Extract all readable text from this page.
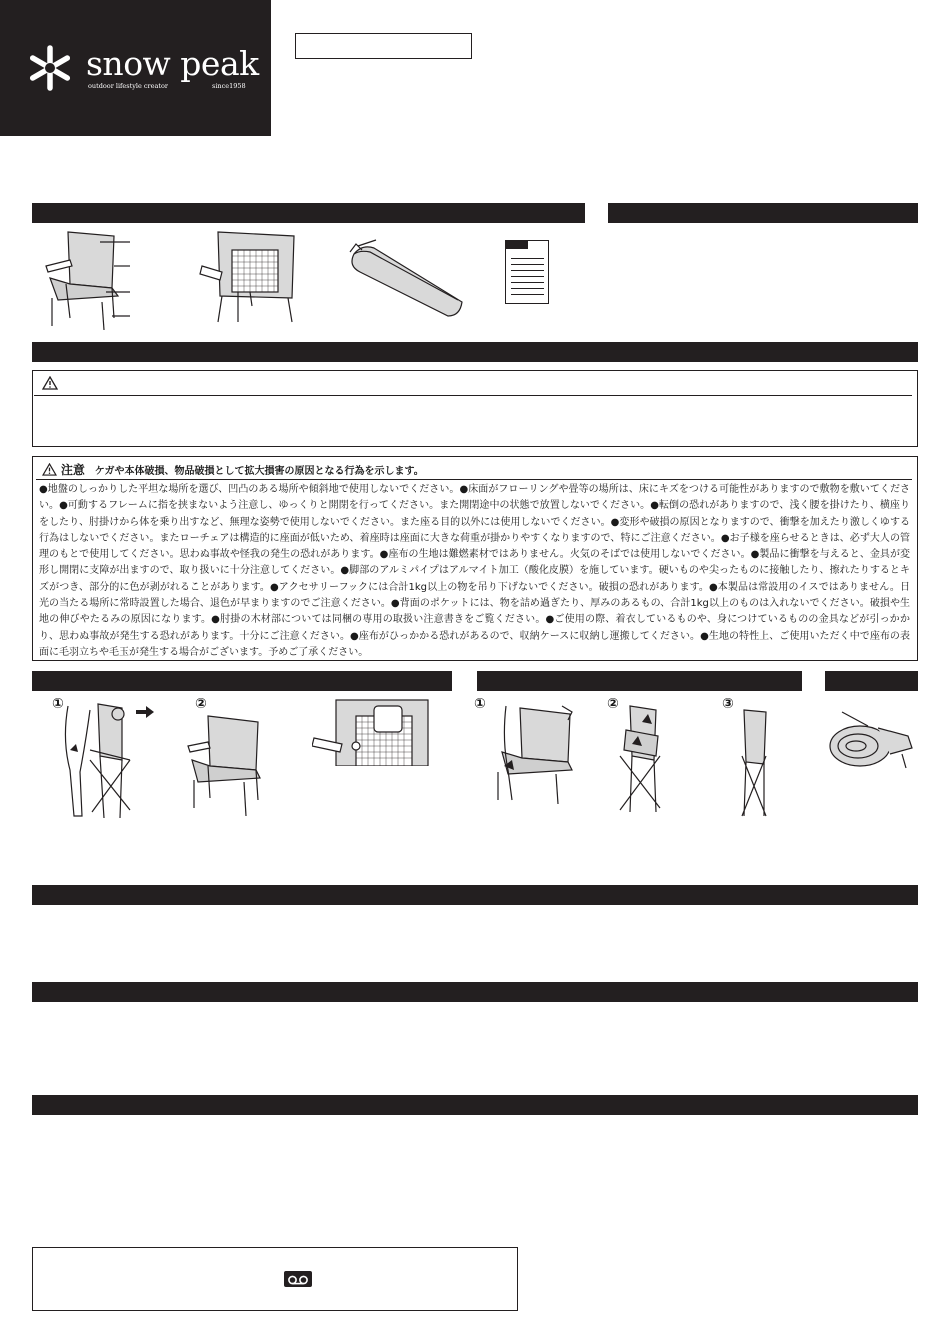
snow peak
outdoor lifestyle creator	since1958
注意 ケガや本体破損、物品破損として拡大損害の原因となる行為を示します。
●地盤のしっかりした平坦な場所を選び、凹凸のある場所や傾斜地で使用しないでください。●床面がフローリングや畳等の場所は、床にキズをつける可能性がありますので敷物を敷いてください。●可動するフレームに指を挟まないよう注意し、ゆっくりと開閉を行ってください。また開閉途中の状態で放置しないでください。●転倒の恐れがありますので、浅く腰を掛けたり、横座りをしたり、肘掛けから体を乗り出すなど、無理な姿勢で使用しないでください。また座る目的以外には使用しないでください。●変形や破損の原因となりますので、衝撃を加えたり激しくゆする行為はしないでください。またローチェアは構造的に座面が低いため、着座時は座面に大きな荷重が掛かりやすくなりますので、特にご注意ください。●お子様を座らせるときは、必ず大人の管理のもとで使用してください。思わぬ事故や怪我の発生の恐れがあります。●座布の生地は難燃素材ではありません。火気のそばでは使用しないでください。●製品に衝撃を与えると、金具が変形し開閉に支障が出ますので、取り扱いに十分注意してください。●脚部のアルミパイプはアルマイト加工（酸化皮膜）を施しています。硬いものや尖ったものに接触したり、擦れたりするとキズがつき、部分的に色が剥がれることがあります。●アクセサリーフックには合計1kg以上の物を吊り下げないでください。破損の恐れがあります。●本製品は常設用のイスではありません。日光の当たる場所に常時設置した場合、退色が早まりますのでご注意ください。●背面のポケットには、物を詰め過ぎたり、厚みのあるもの、合計1kg以上のものは入れないでください。破損や生地の伸びやたるみの原因になります。●肘掛の木材部については同梱の専用の取扱い注意書きをご覧ください。●ご使用の際、着衣しているものや、身につけているものの金具などが引っかかり、思わぬ事故が発生する恐れがあります。十分にご注意ください。●座布がひっかかる恐れがあるので、収納ケースに収納し運搬してください。●生地の特性上、ご使用いただく中で座布の表面に毛羽立ちや毛玉が発生する場合がございます。予めご了承ください。
①	②	①	②	③
